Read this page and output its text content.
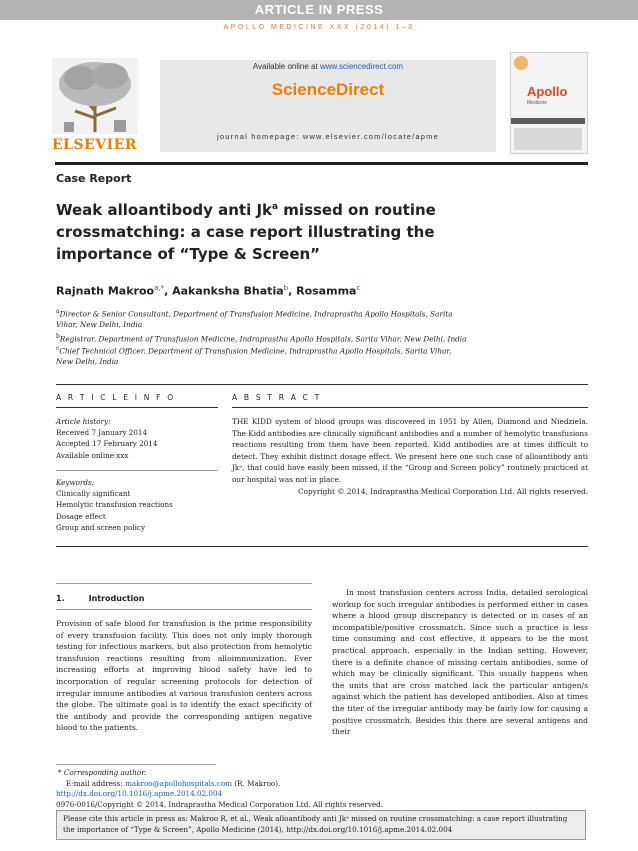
ARTICLE IN PRESS
APOLLO MEDICINE XXX (2014) 1–3
ELSEVIER
Available online at www.sciencedirect.com
ScienceDirect
journal homepage: www.elsevier.com/locate/apme
Apollo
Medicine
Case Report
Weak alloantibody anti Jk$^a$ missed on routine crossmatching: a case report illustrating the importance of “Type & Screen”
Rajnath Makroo$^{a,*}$, Aakanksha Bhatia$^b$, Rosamma$^c$
$^a$Director & Senior Consultant, Department of Transfusion Medicine, Indraprastha Apollo Hospitals, Sarita Vihar, New Delhi, India
$^b$Registrar, Department of Transfusion Medicine, Indraprastha Apollo Hospitals, Sarita Vihar, New Delhi, India
$^c$Chief Technical Officer, Department of Transfusion Medicine, Indraprastha Apollo Hospitals, Sarita Vihar, New Delhi, India
A R T I C L E I N F O	A B S T R A C T
Article history:
Received 7 January 2014
Accepted 17 February 2014
Available online xxx
Keywords:
Clinically significant
Hemolytic transfusion reactions
Dosage effect
Group and screen policy
THE KIDD system of blood groups was discovered in 1951 by Allen, Diamond and Niedziela. The Kidd antibodies are clinically significant antibodies and a number of hemolytic transfusions reactions resulting from them have been reported. Kidd antibodies are at times difficult to detect. They exhibit distinct dosage effect. We present here one such case of alloantibody anti Jkᵃ, that could have easily been missed, if the “Group and Screen policy” routinely practiced at our hospital was not in place.
Copyright © 2014, Indraprastha Medical Corporation Ltd. All rights reserved.
1.	Introduction
Provision of safe blood for transfusion is the prime responsibility of every transfusion facility. This does not only imply thorough testing for infectious markers, but also protection from hemolytic transfusion reactions resulting from alloimmunization. Ever increasing efforts at improving blood safety have led to incorporation of regular screening protocols for detection of irregular immune antibodies at various transfusion centers across the globe. The ultimate goal is to identify the exact specificity of the antibody and provide the corresponding antigen negative blood to the patients.
In most transfusion centers across India, detailed serological workup for such irregular antibodies is performed either in cases where a blood group discrepancy is detected or in cases of an incompatible/positive crossmatch. Since such a practice is less time consuming and cost effective, it appears to be the most practical approach, especially in the Indian setting. However, there is a definite chance of missing certain antibodies, some of which may be clinically significant. This usually happens when the units that are cross matched lack the particular antigen/s against which the patient has developed antibodies. Also at times the titer of the irregular antibody may be fairly low for causing a positive crossmatch. Besides this there are several antigens and their
* Corresponding author.
E-mail address: makroo@apollohospitals.com (R. Makroo).
http://dx.doi.org/10.1016/j.apme.2014.02.004
0976-0016/Copyright © 2014, Indraprastha Medical Corporation Ltd. All rights reserved.
Please cite this article in press as: Makroo R, et al., Weak alloantibody anti Jkᵃ missed on routine crossmatching: a case report illustrating the importance of “Type & Screen”, Apollo Medicine (2014), http://dx.doi.org/10.1016/j.apme.2014.02.004
